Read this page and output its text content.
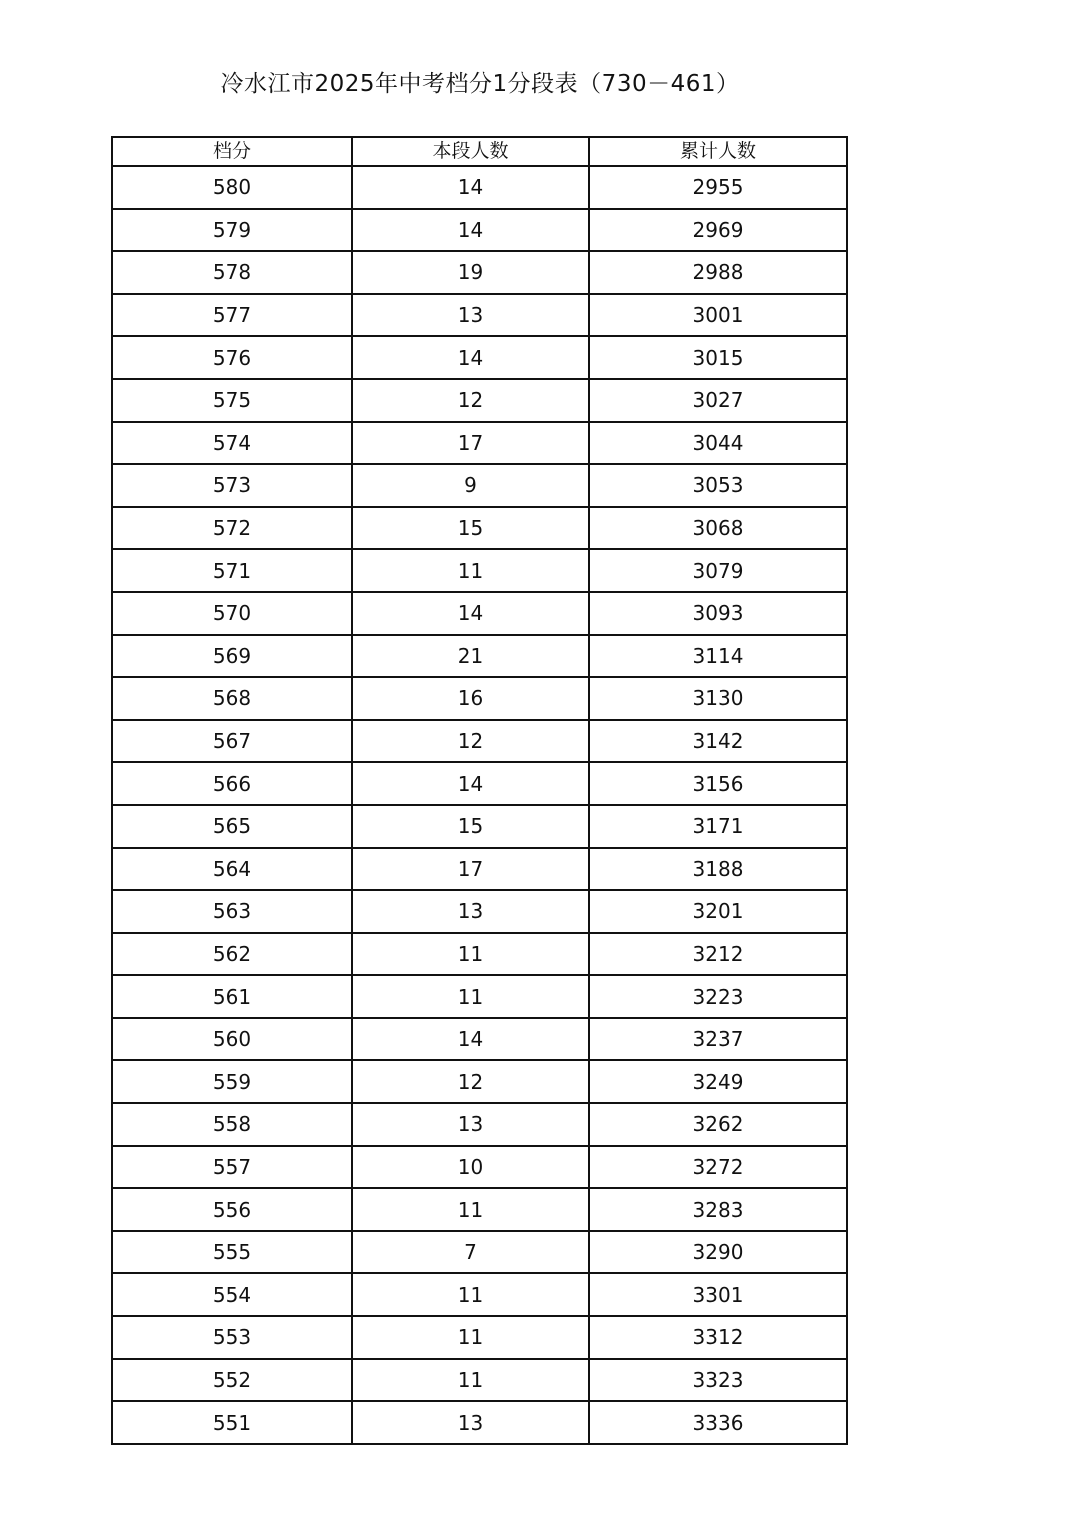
冷水江市2025年中考档分1分段表（730－461）
档分	本段人数	累计人数
580	14	2955
579	14	2969
578	19	2988
577	13	3001
576	14	3015
575	12	3027
574	17	3044
573	9	3053
572	15	3068
571	11	3079
570	14	3093
569	21	3114
568	16	3130
567	12	3142
566	14	3156
565	15	3171
564	17	3188
563	13	3201
562	11	3212
561	11	3223
560	14	3237
559	12	3249
558	13	3262
557	10	3272
556	11	3283
555	7	3290
554	11	3301
553	11	3312
552	11	3323
551	13	3336
